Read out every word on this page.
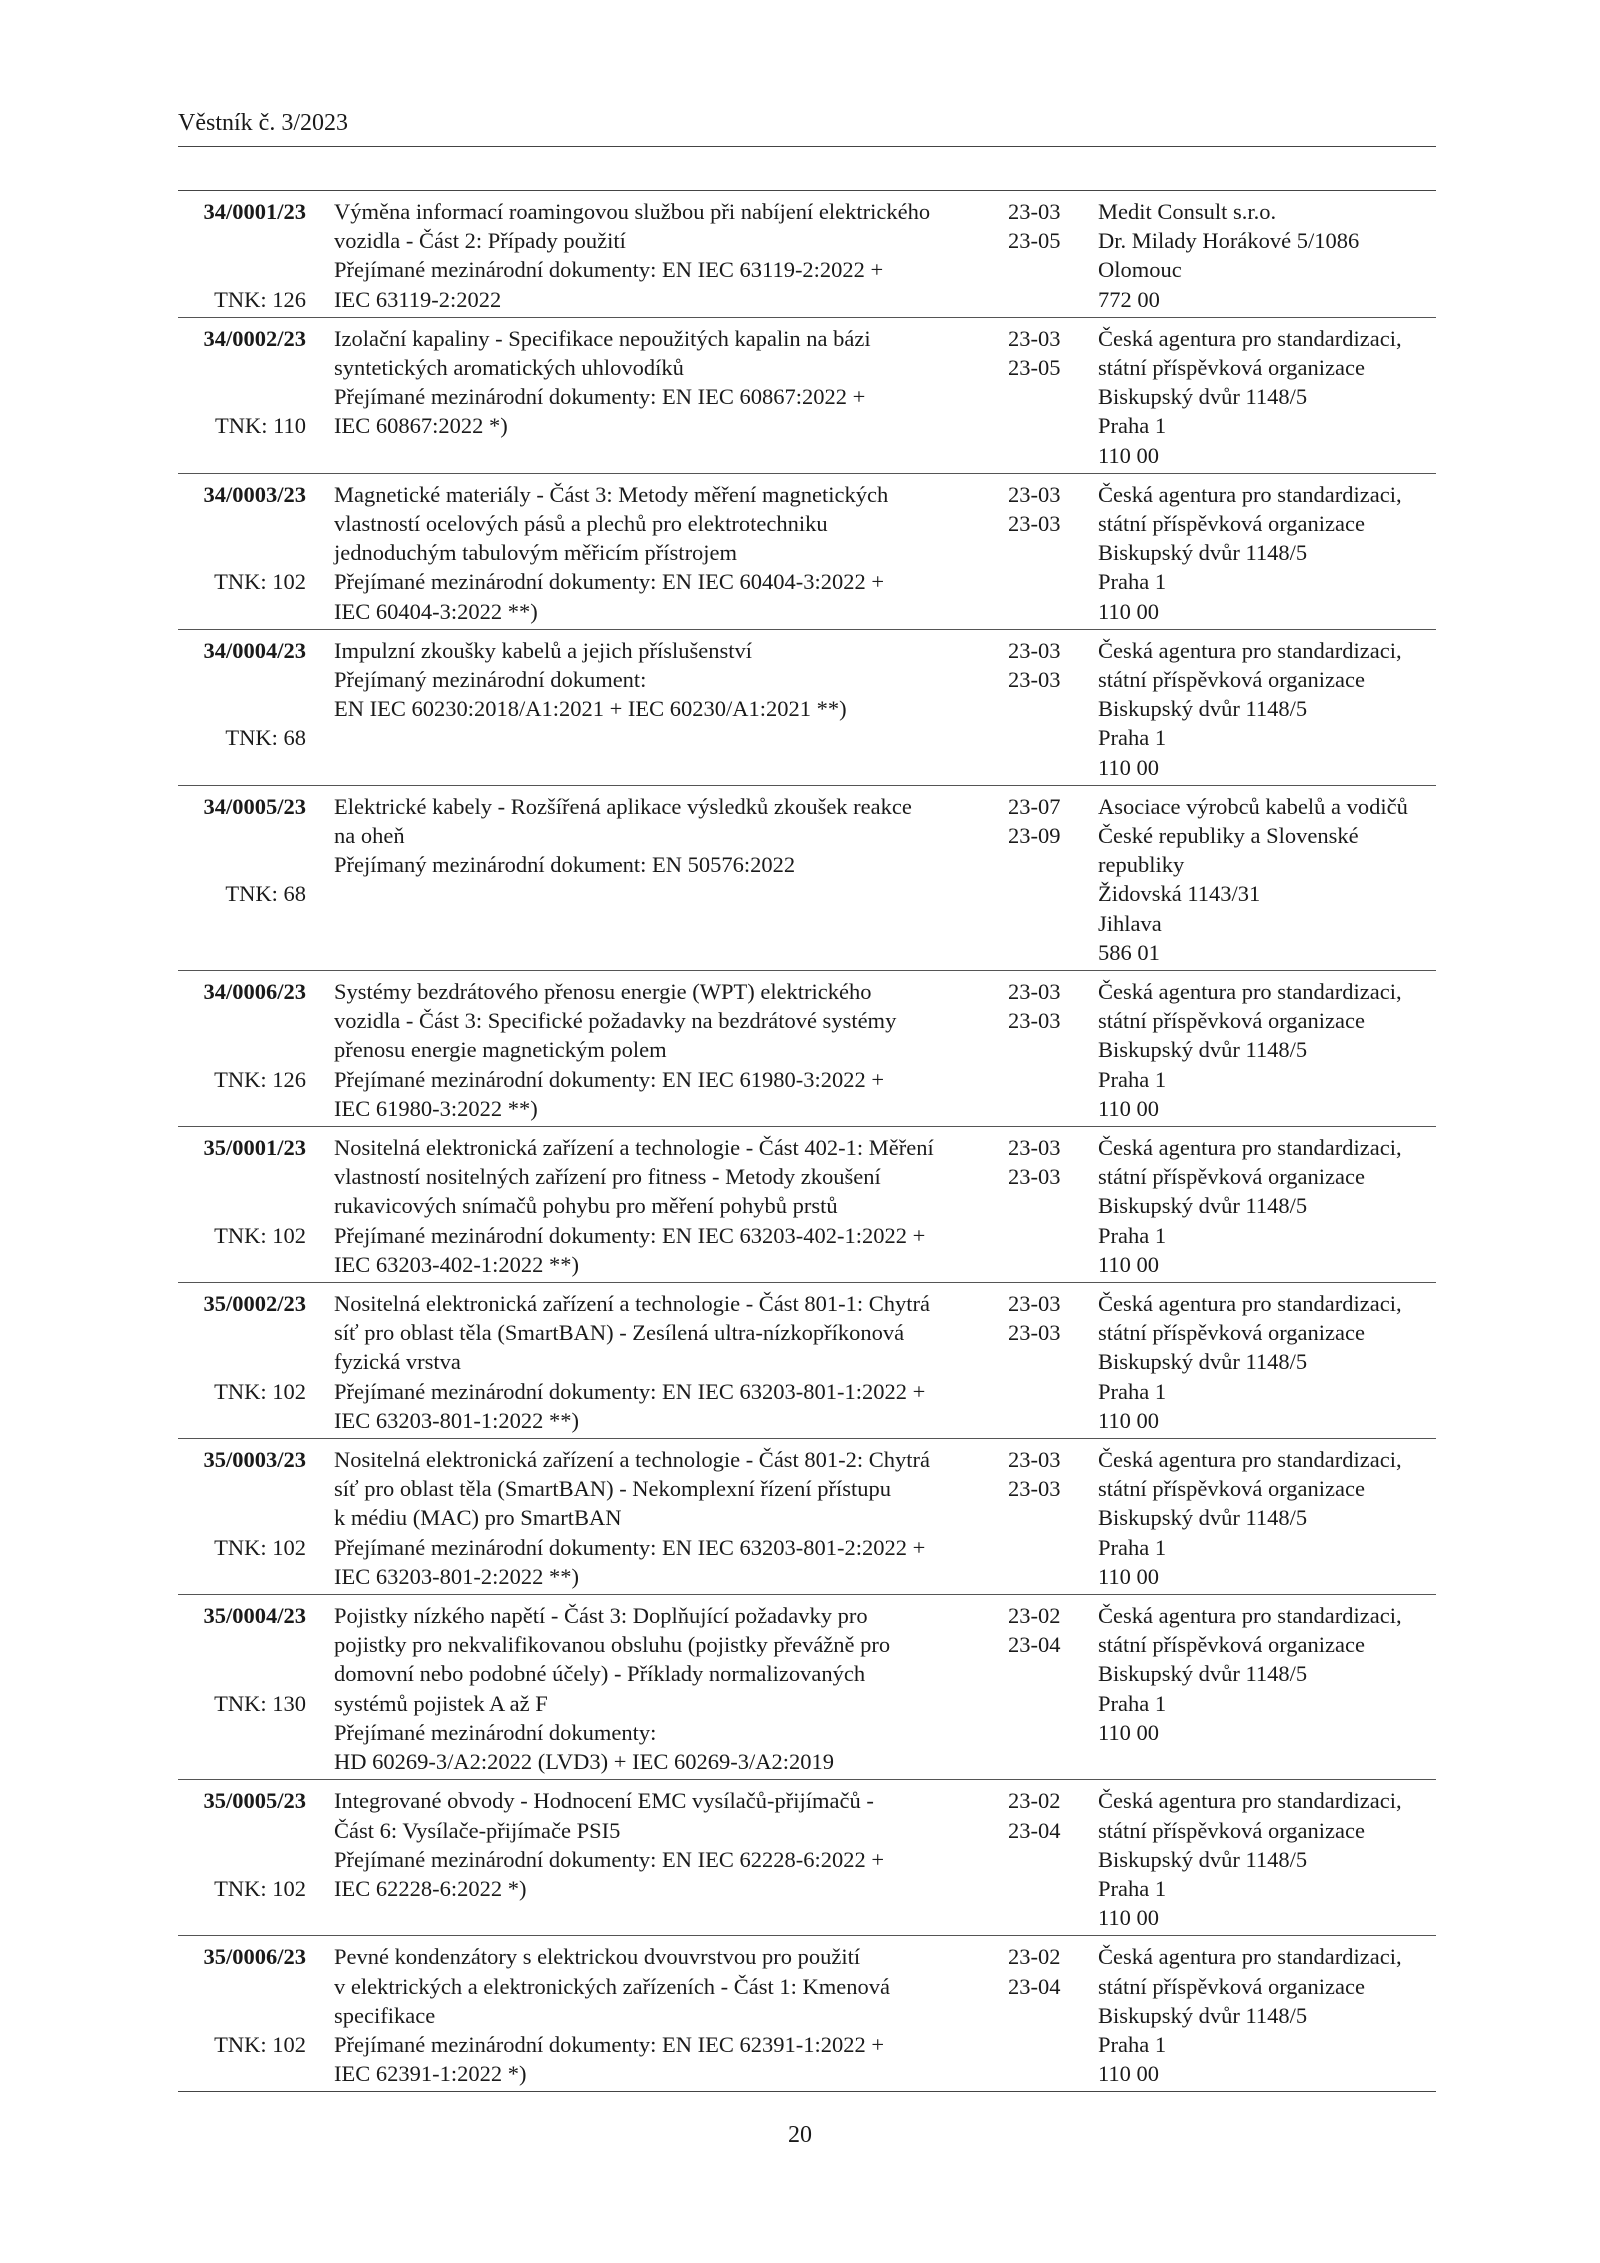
Věstník č. 3/2023
34/0001/23
TNK: 126
Výměna informací roamingovou službou při nabíjení elektrického
vozidla - Část 2: Případy použití
Přejímané mezinárodní dokumenty: EN IEC 63119-2:2022 +
IEC 63119-2:2022
23-03
23-05
Medit Consult s.r.o.
Dr. Milady Horákové 5/1086
Olomouc
772 00
34/0002/23
TNK: 110
Izolační kapaliny - Specifikace nepoužitých kapalin na bázi
syntetických aromatických uhlovodíků
Přejímané mezinárodní dokumenty: EN IEC 60867:2022 +
IEC 60867:2022 *)
23-03
23-05
Česká agentura pro standardizaci,
státní příspěvková organizace
Biskupský dvůr 1148/5
Praha 1
110 00
34/0003/23
TNK: 102
Magnetické materiály - Část 3: Metody měření magnetických
vlastností ocelových pásů a plechů pro elektrotechniku
jednoduchým tabulovým měřicím přístrojem
Přejímané mezinárodní dokumenty: EN IEC 60404-3:2022 +
IEC 60404-3:2022 **)
23-03
23-03
Česká agentura pro standardizaci,
státní příspěvková organizace
Biskupský dvůr 1148/5
Praha 1
110 00
34/0004/23
TNK: 68
Impulzní zkoušky kabelů a jejich příslušenství
Přejímaný mezinárodní dokument:
EN IEC 60230:2018/A1:2021 + IEC 60230/A1:2021 **)
23-03
23-03
Česká agentura pro standardizaci,
státní příspěvková organizace
Biskupský dvůr 1148/5
Praha 1
110 00
34/0005/23
TNK: 68
Elektrické kabely - Rozšířená aplikace výsledků zkoušek reakce
na oheň
Přejímaný mezinárodní dokument: EN 50576:2022
23-07
23-09
Asociace výrobců kabelů a vodičů
České republiky a Slovenské
republiky
Židovská 1143/31
Jihlava
586 01
34/0006/23
TNK: 126
Systémy bezdrátového přenosu energie (WPT) elektrického
vozidla - Část 3: Specifické požadavky na bezdrátové systémy
přenosu energie magnetickým polem
Přejímané mezinárodní dokumenty: EN IEC 61980-3:2022 +
IEC 61980-3:2022 **)
23-03
23-03
Česká agentura pro standardizaci,
státní příspěvková organizace
Biskupský dvůr 1148/5
Praha 1
110 00
35/0001/23
TNK: 102
Nositelná elektronická zařízení a technologie - Část 402-1: Měření
vlastností nositelných zařízení pro fitness - Metody zkoušení
rukavicových snímačů pohybu pro měření pohybů prstů
Přejímané mezinárodní dokumenty: EN IEC 63203-402-1:2022 +
IEC 63203-402-1:2022 **)
23-03
23-03
Česká agentura pro standardizaci,
státní příspěvková organizace
Biskupský dvůr 1148/5
Praha 1
110 00
35/0002/23
TNK: 102
Nositelná elektronická zařízení a technologie - Část 801-1: Chytrá
síť pro oblast těla (SmartBAN) - Zesílená ultra-nízkopříkonová
fyzická vrstva
Přejímané mezinárodní dokumenty: EN IEC 63203-801-1:2022 +
IEC 63203-801-1:2022 **)
23-03
23-03
Česká agentura pro standardizaci,
státní příspěvková organizace
Biskupský dvůr 1148/5
Praha 1
110 00
35/0003/23
TNK: 102
Nositelná elektronická zařízení a technologie - Část 801-2: Chytrá
síť pro oblast těla (SmartBAN) - Nekomplexní řízení přístupu
k médiu (MAC) pro SmartBAN
Přejímané mezinárodní dokumenty: EN IEC 63203-801-2:2022 +
IEC 63203-801-2:2022 **)
23-03
23-03
Česká agentura pro standardizaci,
státní příspěvková organizace
Biskupský dvůr 1148/5
Praha 1
110 00
35/0004/23
TNK: 130
Pojistky nízkého napětí - Část 3: Doplňující požadavky pro
pojistky pro nekvalifikovanou obsluhu (pojistky převážně pro
domovní nebo podobné účely) - Příklady normalizovaných
systémů pojistek A až F
Přejímané mezinárodní dokumenty:
HD 60269-3/A2:2022 (LVD3) + IEC 60269-3/A2:2019
23-02
23-04
Česká agentura pro standardizaci,
státní příspěvková organizace
Biskupský dvůr 1148/5
Praha 1
110 00
35/0005/23
TNK: 102
Integrované obvody - Hodnocení EMC vysílačů-přijímačů -
Část 6: Vysílače-přijímače PSI5
Přejímané mezinárodní dokumenty: EN IEC 62228-6:2022 +
IEC 62228-6:2022 *)
23-02
23-04
Česká agentura pro standardizaci,
státní příspěvková organizace
Biskupský dvůr 1148/5
Praha 1
110 00
35/0006/23
TNK: 102
Pevné kondenzátory s elektrickou dvouvrstvou pro použití
v elektrických a elektronických zařízeních - Část 1: Kmenová
specifikace
Přejímané mezinárodní dokumenty: EN IEC 62391-1:2022 +
IEC 62391-1:2022 *)
23-02
23-04
Česká agentura pro standardizaci,
státní příspěvková organizace
Biskupský dvůr 1148/5
Praha 1
110 00
20
